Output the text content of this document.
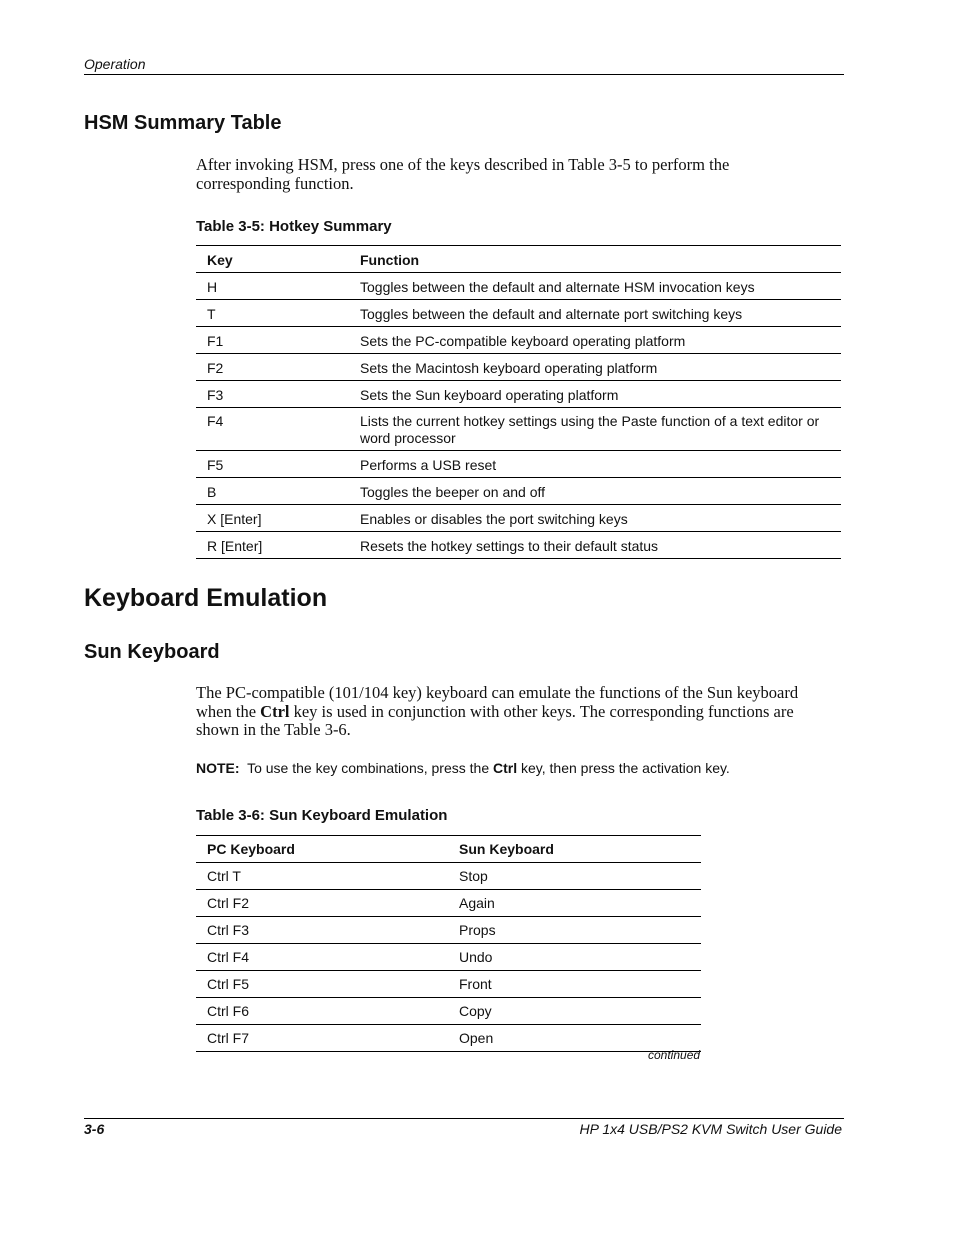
Operation
HSM Summary Table

After invoking HSM, press one of the keys described in Table 3-5 to perform the
corresponding function.

Table 3-5: Hotkey Summary

Key	Function
H	Toggles between the default and alternate HSM invocation keys
T	Toggles between the default and alternate port switching keys
F1	Sets the PC-compatible keyboard operating platform
F2	Sets the Macintosh keyboard operating platform
F3	Sets the Sun keyboard operating platform
F4	Lists the current hotkey settings using the Paste function of a text editor or
word processor
F5	Performs a USB reset
B	Toggles the beeper on and off
X [Enter]	Enables or disables the port switching keys
R [Enter]	Resets the hotkey settings to their default status
Keyboard Emulation
Sun Keyboard

The PC-compatible (101/104 key) keyboard can emulate the functions of the Sun keyboard
when the Ctrl key is used in conjunction with other keys. The corresponding functions are
shown in the Table 3-6.

NOTE:  To use the key combinations, press the Ctrl key, then press the activation key.

Table 3-6: Sun Keyboard Emulation

PC Keyboard	Sun Keyboard
Ctrl T	Stop
Ctrl F2	Again
Ctrl F3	Props
Ctrl F4	Undo
Ctrl F5	Front
Ctrl F6	Copy
Ctrl F7	Open
continued
3-6	HP 1x4 USB/PS2 KVM Switch User Guide
